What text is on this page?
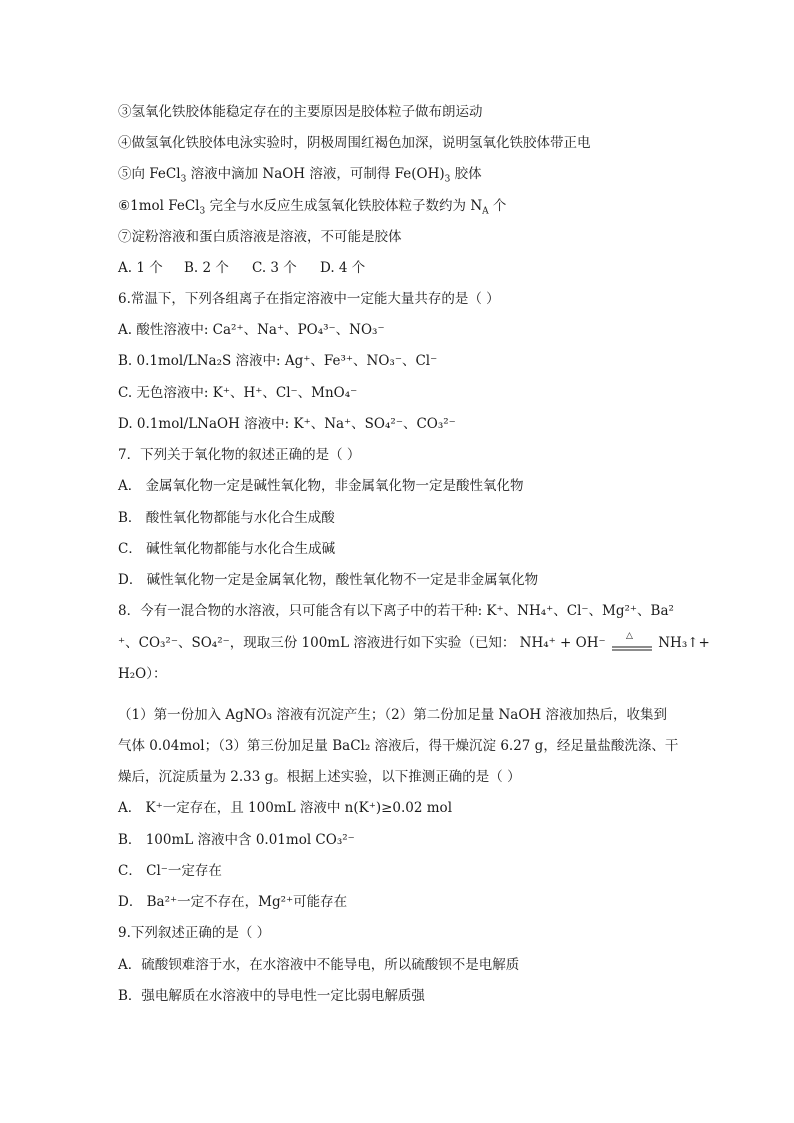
③氢氧化铁胶体能稳定存在的主要原因是胶体粒子做布朗运动
④做氢氧化铁胶体电泳实验时，阴极周围红褐色加深，说明氢氧化铁胶体带正电
⑤向 FeCl$_3$ 溶液中滴加 NaOH 溶液，可制得 $Fe(OH)_3$ 胶体
⑥1mol FeCl$_3$ 完全与水反应生成氢氧化铁胶体粒子数约为 $N_A$ 个
⑦淀粉溶液和蛋白质溶液是溶液，不可能是胶体
A. 1 个 B. 2 个 C. 3 个 D. 4 个
6.常温下，下列各组离子在指定溶液中一定能大量共存的是（ ）
A. 酸性溶液中: Ca²⁺、Na⁺、PO₄³⁻、NO₃⁻
B. 0.1mol/LNa₂S 溶液中: Ag⁺、Fe³⁺、NO₃⁻、Cl⁻
C. 无色溶液中: K⁺、H⁺、Cl⁻、MnO₄⁻
D. 0.1mol/LNaOH 溶液中: K⁺、Na⁺、SO₄²⁻、CO₃²⁻
7．下列关于氧化物的叙述正确的是（ ）
A． 金属氧化物一定是碱性氧化物，非金属氧化物一定是酸性氧化物
B． 酸性氧化物都能与水化合生成酸
C． 碱性氧化物都能与水化合生成碱
D． 碱性氧化物一定是金属氧化物，酸性氧化物不一定是非金属氧化物
8．今有一混合物的水溶液，只可能含有以下离子中的若干种: K⁺、NH₄⁺、Cl⁻、Mg²⁺、Ba²
⁺、CO₃²⁻、SO₄²⁻，现取三份 100mL 溶液进行如下实验（已知： NH₄⁺ + OH⁻ △ NH₃↑+
H₂O）：
（1）第一份加入 AgNO₃ 溶液有沉淀产生；（2）第二份加足量 NaOH 溶液加热后，收集到
气体 0.04mol；（3）第三份加足量 BaCl₂ 溶液后，得干燥沉淀 6.27 g，经足量盐酸洗涤、干
燥后，沉淀质量为 2.33 g。根据上述实验，以下推测正确的是（ ）
A． K⁺一定存在，且 100mL 溶液中 n(K⁺)≥0.02 mol
B． 100mL 溶液中含 0.01mol CO₃²⁻
C． Cl⁻一定存在
D． Ba²⁺一定不存在，Mg²⁺可能存在
9.下列叙述正确的是（ ）
A．硫酸钡难溶于水，在水溶液中不能导电，所以硫酸钡不是电解质
B．强电解质在水溶液中的导电性一定比弱电解质强
